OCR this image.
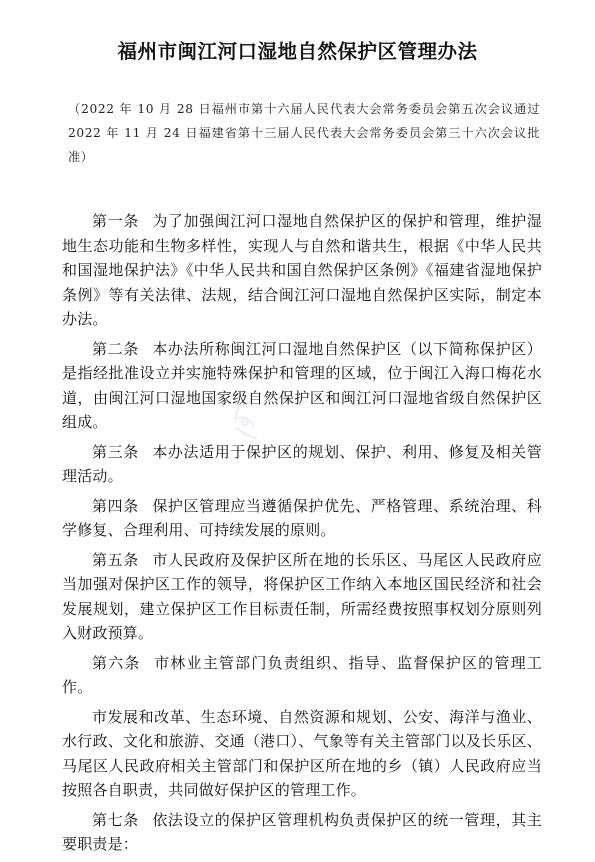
福州市闽江河口湿地自然保护区管理办法

（2022 年 10 月 28 日福州市第十六届人民代表大会常务委员会第五次会议通过　2022 年 11 月 24 日福建省第十三届人民代表大会常务委员会第三十六次会议批准）

第一条 为了加强闽江河口湿地自然保护区的保护和管理，维护湿地生态功能和生物多样性，实现人与自然和谐共生，根据《中华人民共和国湿地保护法》《中华人民共和国自然保护区条例》《福建省湿地保护条例》等有关法律、法规，结合闽江河口湿地自然保护区实际，制定本办法。

第二条 本办法所称闽江河口湿地自然保护区（以下简称保护区）是指经批准设立并实施特殊保护和管理的区域，位于闽江入海口梅花水道，由闽江河口湿地国家级自然保护区和闽江河口湿地省级自然保护区组成。

第三条 本办法适用于保护区的规划、保护、利用、修复及相关管理活动。

第四条 保护区管理应当遵循保护优先、严格管理、系统治理、科学修复、合理利用、可持续发展的原则。

第五条 市人民政府及保护区所在地的长乐区、马尾区人民政府应当加强对保护区工作的领导，将保护区工作纳入本地区国民经济和社会发展规划，建立保护区工作目标责任制，所需经费按照事权划分原则列入财政预算。

第六条 市林业主管部门负责组织、指导、监督保护区的管理工作。

市发展和改革、生态环境、自然资源和规划、公安、海洋与渔业、水行政、文化和旅游、交通（港口）、气象等有关主管部门以及长乐区、马尾区人民政府相关主管部门和保护区所在地的乡（镇）人民政府应当按照各自职责，共同做好保护区的管理工作。

第七条 依法设立的保护区管理机构负责保护区的统一管理，其主要职责是：
